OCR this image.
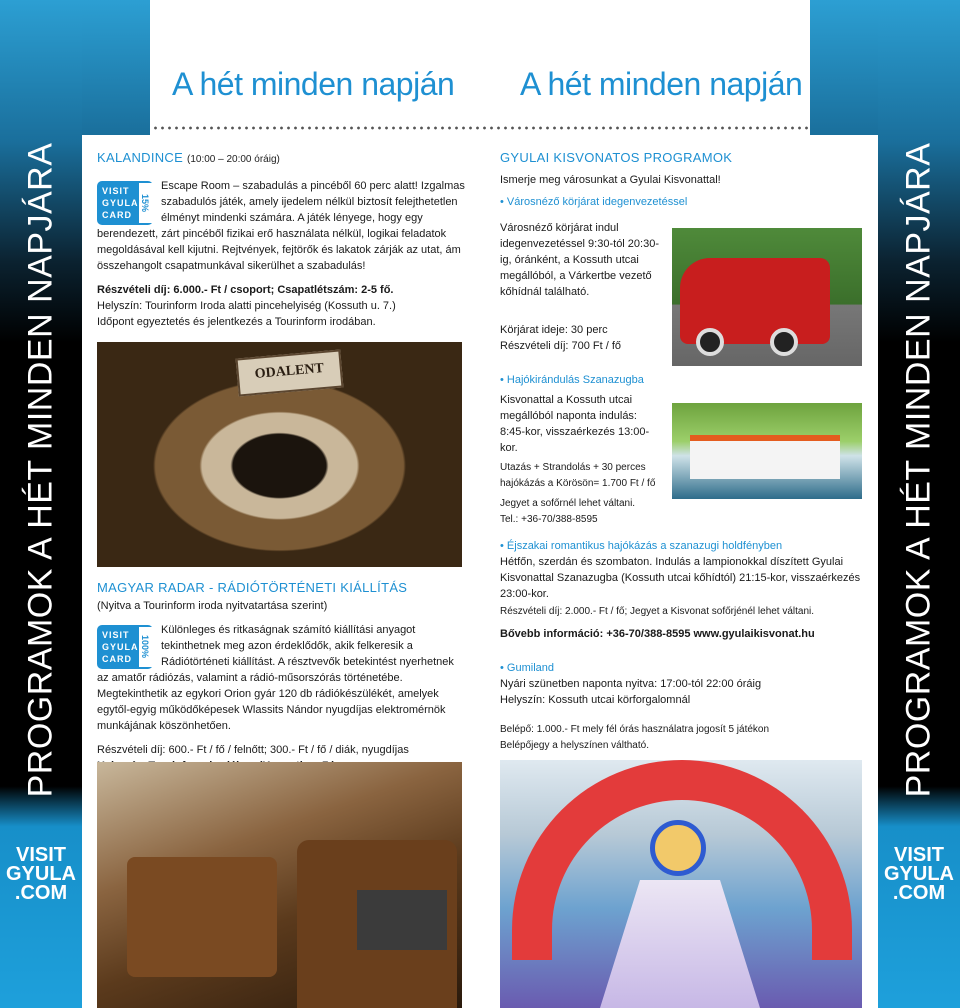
PROGRAMOK A HÉT MINDEN NAPJÁRA
VISIT
GYULA
.COM
PROGRAMOK A HÉT MINDEN NAPJÁRA
VISIT
GYULA
.COM
A hét minden napján A hét minden napján
KALANDINCE (10:00 – 20:00 óráig)
VISIT
GYULA
CARD
15%

Escape Room – szabadulás a pincéből 60 perc alatt! Izgalmas szabadulós játék, amely ijedelem nélkül biztosít felejthetetlen élményt mindenki számára. A játék lényege, hogy egy berendezett, zárt pincéből fizikai erő használata nélkül, logikai feladatok megoldásával kell kijutni. Rejtvények, fejtörők és lakatok zárják az utat, ám összehangolt csapatmunkával sikerülhet a szabadulás!

Részvételi díj: 6.000.- Ft / csoport; Csapatlétszám: 2-5 fő.

Helyszín: Tourinform Iroda alatti pincehelyiség (Kossuth u. 7.)

Időpont egyeztetés és jelentkezés a Tourinform irodában.

ODALENT
MAGYAR RADAR - RÁDIÓTÖRTÉNETI KIÁLLÍTÁS

(Nyitva a Tourinform iroda nyitvatartása szerint)

VISIT
GYULA
CARD
100%

Különleges és ritkaságnak számító kiállítási anyagot tekinthetnek meg azon érdeklődők, akik felkeresik a Rádiótörténeti kiállítást. A résztvevők betekintést nyerhetnek az amatőr rádiózás, valamint a rádió-műsorszórás történetébe. Megtekinthetik az egykori Orion gyár 120 db rádiókészülékét, amelyek egytől-egyig működőképesek Wlassits Nándor nyugdíjas elektromérnök munkájának köszönhetően.

Részvételi díj: 600.- Ft / fő / felnőtt; 300.- Ft / fő / diák, nyugdíjas

GYULAI KISVONATOS PROGRAMOK

Ismerje meg városunkat a Gyulai Kisvonattal!

• Városnéző körjárat idegenvezetéssel

Városnéző körjárat indul idegenvezetéssel 9:30-tól 20:30-ig, óránként, a Kossuth utcai megállóból, a Várkertbe vezető kőhídnál található.

Körjárat ideje: 30 perc

Részvételi díj: 700 Ft / fő

• Hajókirándulás Szanazugba

Kisvonattal a Kossuth utcai megállóból naponta indulás: 8:45-kor, visszaérkezés 13:00-kor.

Utazás + Strandolás + 30 perces hajókázás a Körösön= 1.700 Ft / fő

Jegyet a sofőrnél lehet váltani.

Tel.: +36-70/388-8595

• Éjszakai romantikus hajókázás a szanazugi holdfényben

Hétfőn, szerdán és szombaton. Indulás a lampionokkal díszített Gyulai Kisvonattal Szanazugba (Kossuth utcai kőhídtól) 21:15-kor, visszaérkezés 23:00-kor.

Részvételi díj: 2.000.- Ft / fő; Jegyet a Kisvonat sofőrjénél lehet váltani.

Bővebb információ: +36-70/388-8595 www.gyulaikisvonat.hu

• Gumiland

Nyári szünetben naponta nyitva: 17:00-tól 22:00 óráig

Helyszín: Kossuth utcai körforgalomnál

Belépő: 1.000.- Ft mely fél órás használatra jogosít 5 játékon

Belépőjegy a helyszínen váltható.
